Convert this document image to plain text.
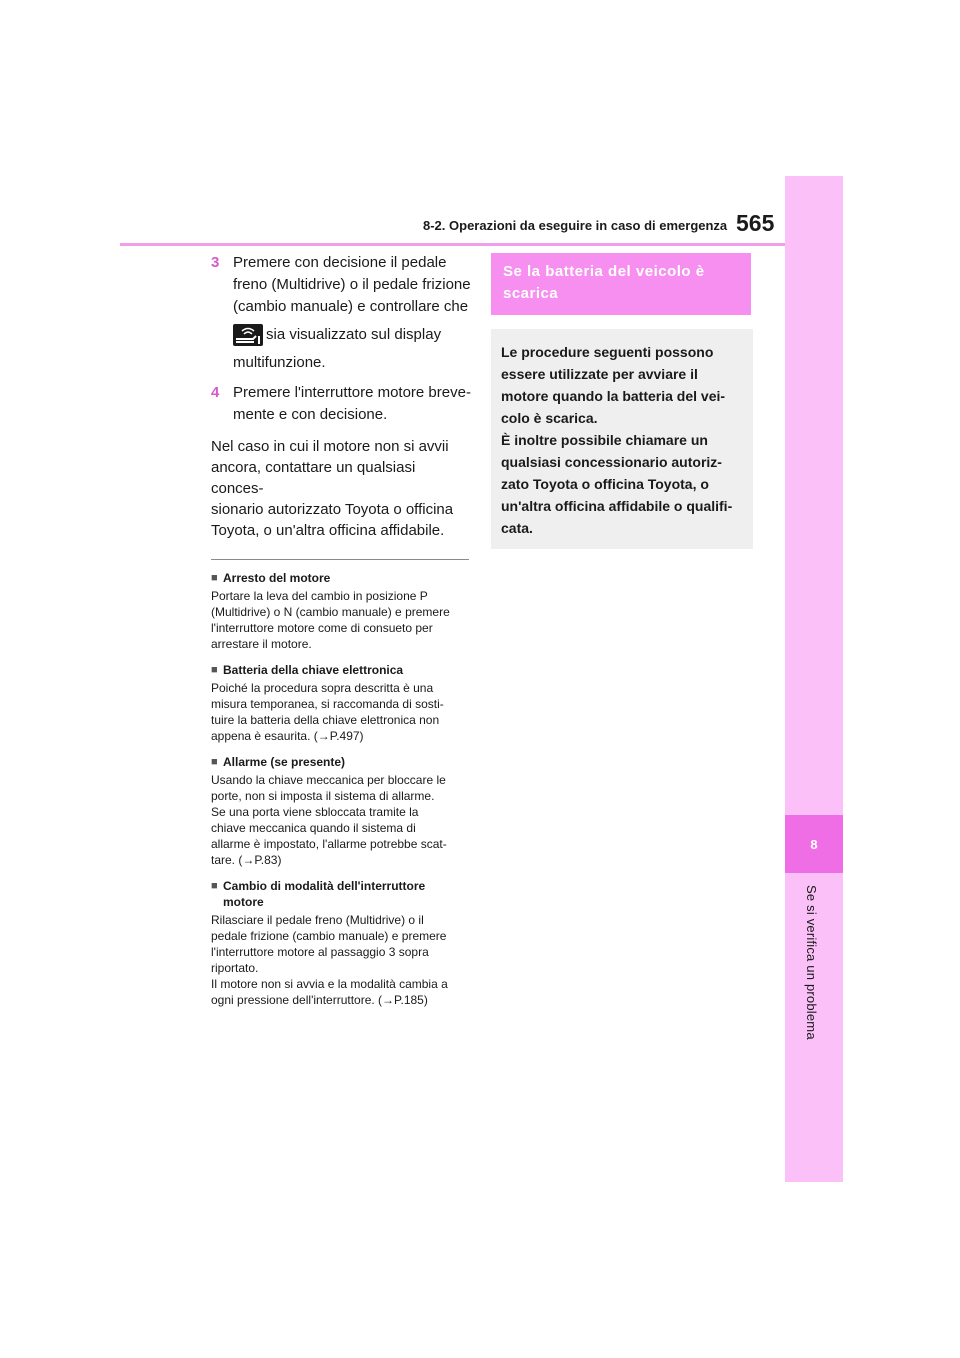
8
Se si verifica un problema
8-2. Operazioni da eseguire in caso di emergenza 565
3 Premere con decisione il pedale
freno (Multidrive) o il pedale frizione
(cambio manuale) e controllare che
sia visualizzato sul display
multifunzione.
4 Premere l'interruttore motore breve-
mente e con decisione.
Nel caso in cui il motore non si avvii
ancora, contattare un qualsiasi conces-
sionario autorizzato Toyota o officina
Toyota, o un'altra officina affidabile.
■ Arresto del motore
Portare la leva del cambio in posizione P
(Multidrive) o N (cambio manuale) e premere
l'interruttore motore come di consueto per
arrestare il motore.
■ Batteria della chiave elettronica
Poiché la procedura sopra descritta è una
misura temporanea, si raccomanda di sosti-
tuire la batteria della chiave elettronica non
appena è esaurita. (→P.497)
■ Allarme (se presente)
Usando la chiave meccanica per bloccare le
porte, non si imposta il sistema di allarme.
Se una porta viene sbloccata tramite la
chiave meccanica quando il sistema di
allarme è impostato, l'allarme potrebbe scat-
tare. (→P.83)
■ Cambio di modalità dell'interruttore motore
Rilasciare il pedale freno (Multidrive) o il
pedale frizione (cambio manuale) e premere
l'interruttore motore al passaggio 3 sopra
riportato.
Il motore non si avvia e la modalità cambia a
ogni pressione dell'interruttore. (→P.185)
Se la batteria del veicolo è
scarica
Le procedure seguenti possono
essere utilizzate per avviare il
motore quando la batteria del vei-
colo è scarica.
È inoltre possibile chiamare un
qualsiasi concessionario autoriz-
zato Toyota o officina Toyota, o
un'altra officina affidabile o qualifi-
cata.
